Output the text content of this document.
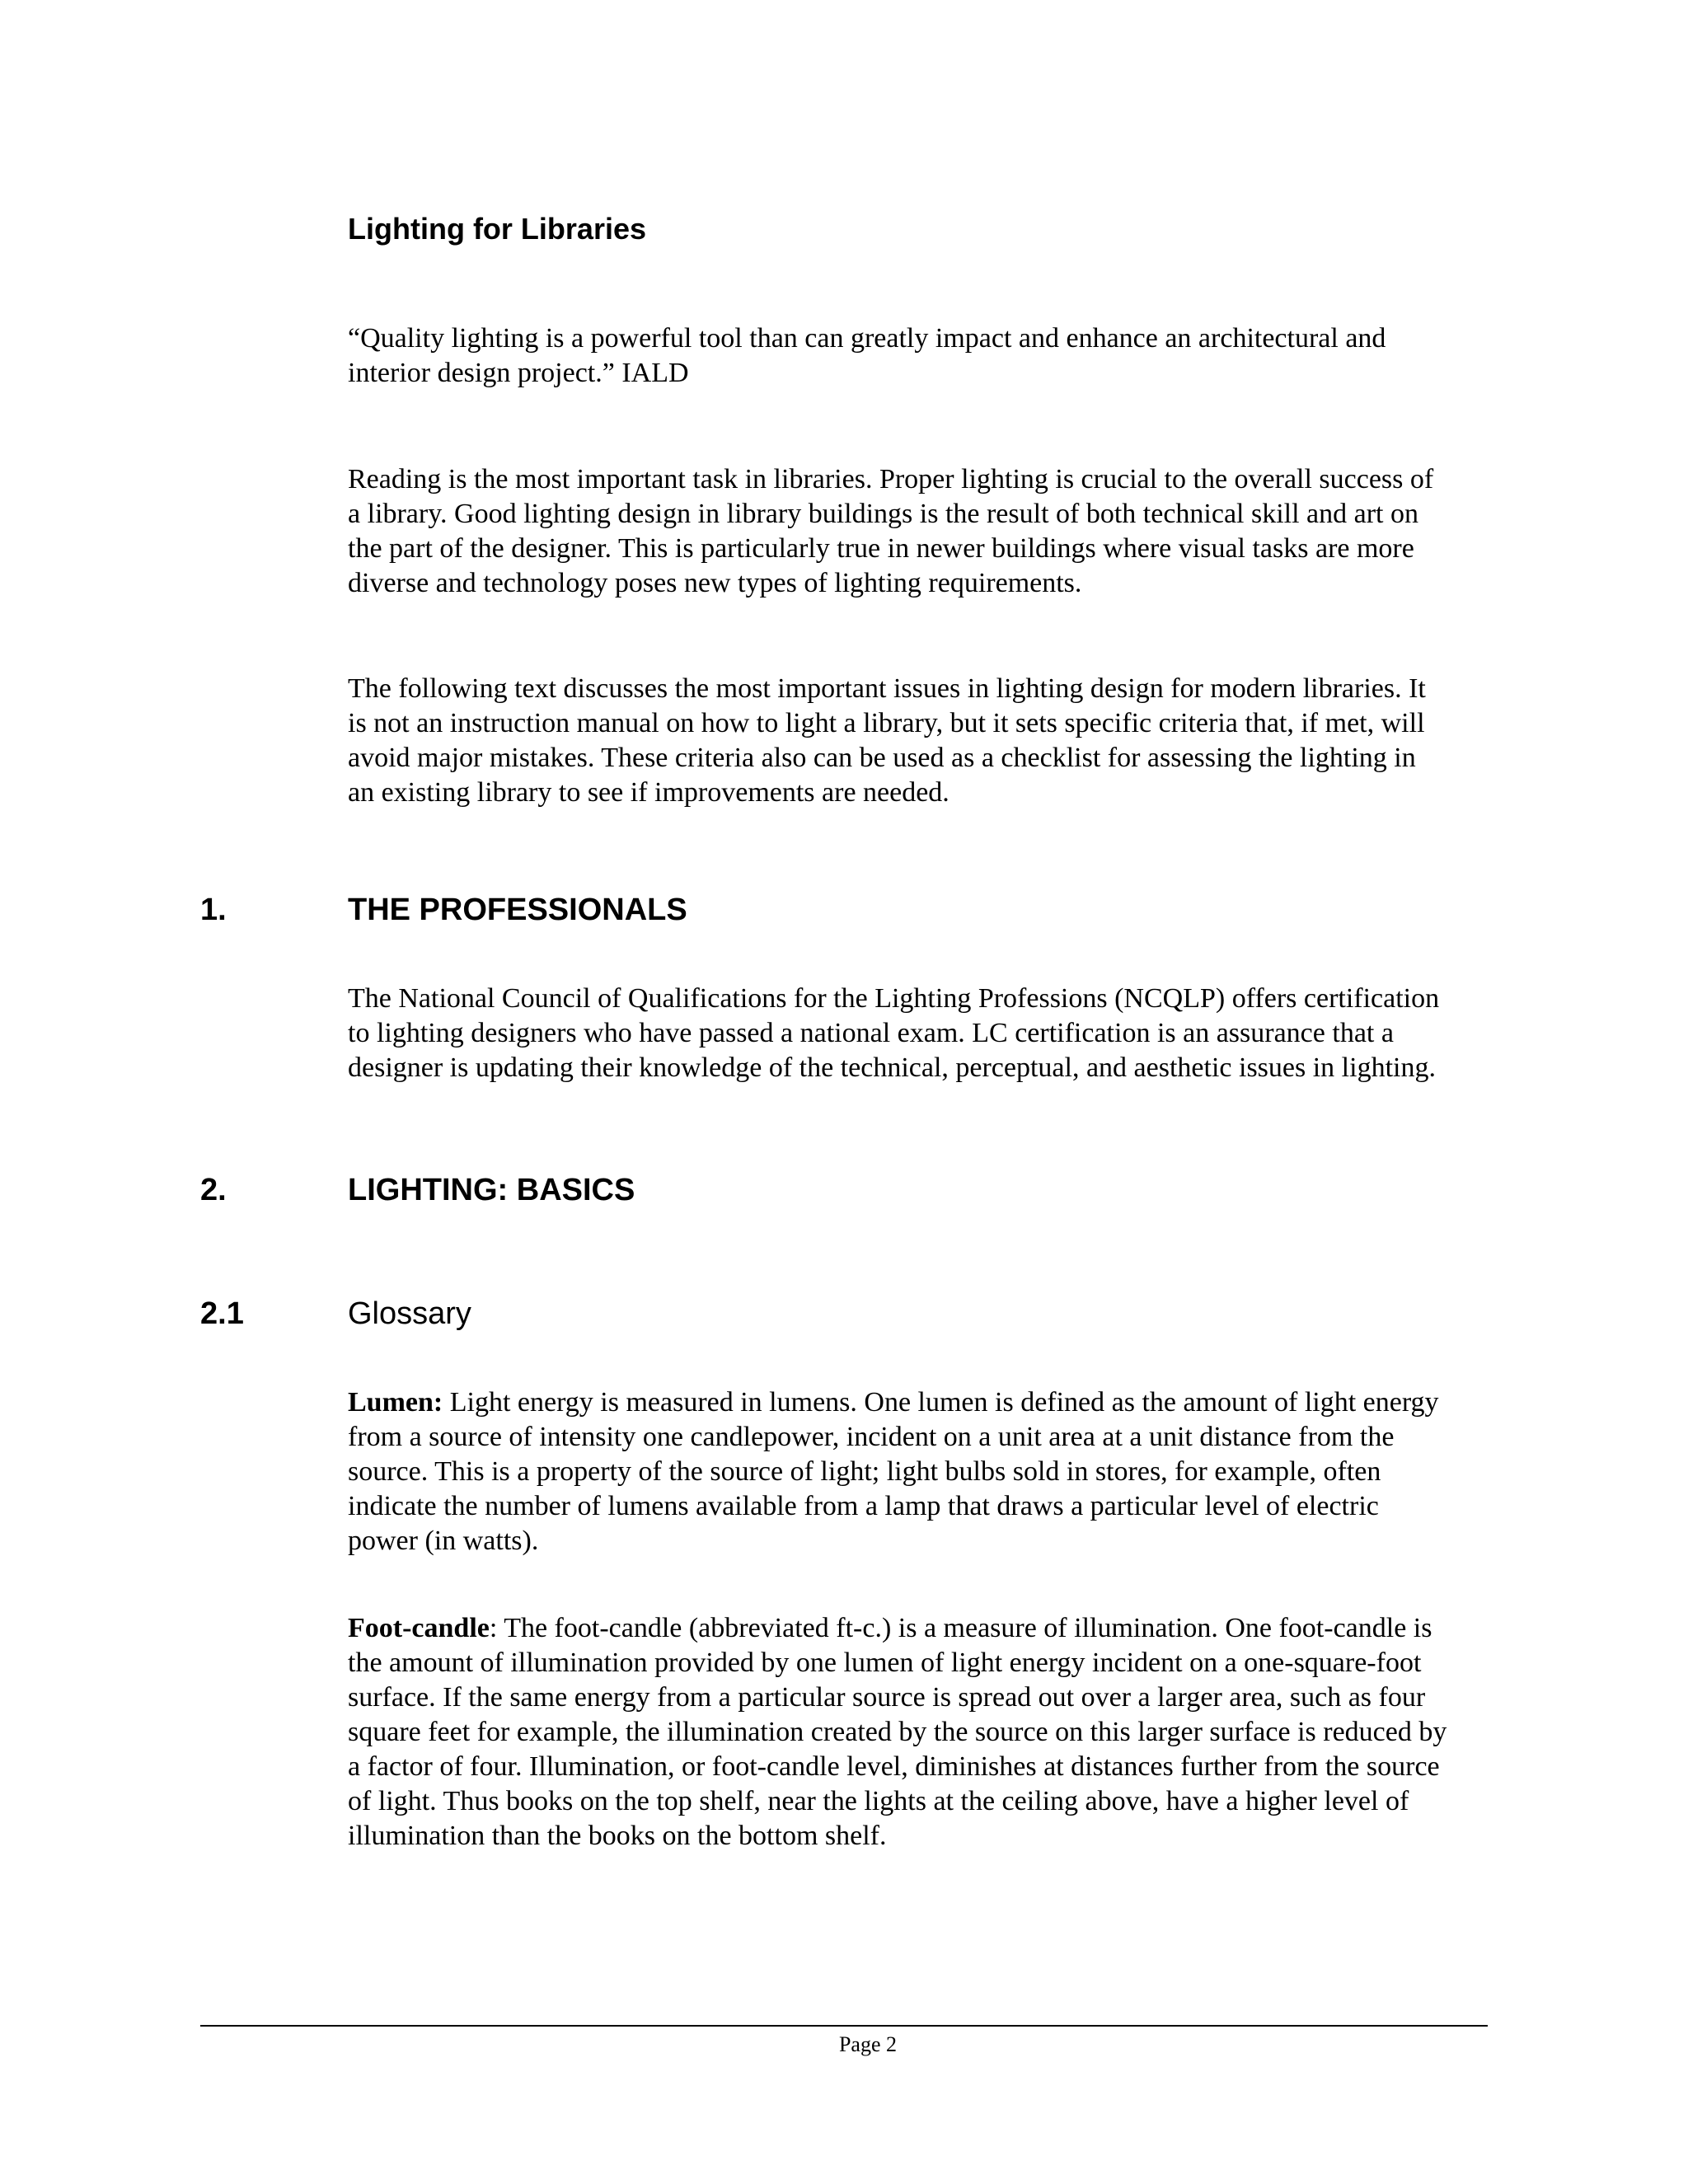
Lighting for Libraries

“Quality lighting is a powerful tool than can greatly impact and enhance an architectural and
interior design project.” IALD

Reading is the most important task in libraries. Proper lighting is crucial to the overall success of
a library. Good lighting design in library buildings is the result of both technical skill and art on
the part of the designer. This is particularly true in newer buildings where visual tasks are more
diverse and technology poses new types of lighting requirements.

The following text discusses the most important issues in lighting design for modern libraries. It
is not an instruction manual on how to light a library, but it sets specific criteria that, if met, will
avoid major mistakes. These criteria also can be used as a checklist for assessing the lighting in
an existing library to see if improvements are needed.

1.	THE PROFESSIONALS

The National Council of Qualifications for the Lighting Professions (NCQLP) offers certification
to lighting designers who have passed a national exam. LC certification is an assurance that a
designer is updating their knowledge of the technical, perceptual, and aesthetic issues in lighting.

2.	LIGHTING: BASICS
2.1	Glossary

Lumen: Light energy is measured in lumens. One lumen is defined as the amount of light energy
from a source of intensity one candlepower, incident on a unit area at a unit distance from the
source. This is a property of the source of light; light bulbs sold in stores, for example, often
indicate the number of lumens available from a lamp that draws a particular level of electric
power (in watts).

Foot-candle: The foot-candle (abbreviated ft-c.) is a measure of illumination. One foot-candle is
the amount of illumination provided by one lumen of light energy incident on a one-square-foot
surface. If the same energy from a particular source is spread out over a larger area, such as four
square feet for example, the illumination created by the source on this larger surface is reduced by
a factor of four. Illumination, or foot-candle level, diminishes at distances further from the source
of light. Thus books on the top shelf, near the lights at the ceiling above, have a higher level of
illumination than the books on the bottom shelf.

Page 2
